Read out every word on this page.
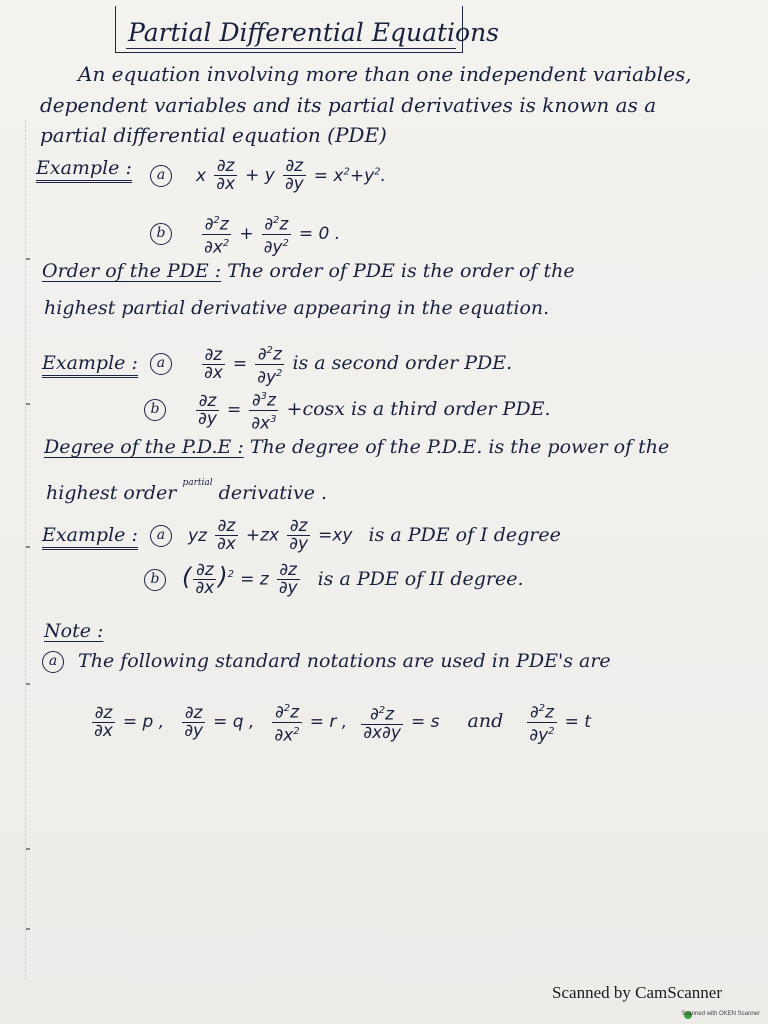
Partial Differential Equations
An equation involving more than one independent variables,
dependent variables and its partial derivatives is known as a
partial differential equation (PDE)
Example :	a x $\frac{\partial z}{\partial x} + y \frac{\partial z}{\partial y} = x^2+y^2$.
b $\frac{\partial^2z}{\partial x^2} + \frac{\partial^2z}{\partial y^2} = 0$ .
Order of the PDE : The order of PDE is the order of the
highest partial derivative appearing in the equation.
Example : a $\frac{\partial z}{\partial x} = \frac{\partial^2z}{\partial y^2}$ is a second order PDE.
b $\frac{\partial z}{\partial y} = \frac{\partial^3z}{\partial x^3} +\cos x$ is a third order PDE.
Degree of the P.D.E : The degree of the P.D.E. is the power of the
highest order $^{partial}$ derivative .
Example : a yz $\frac{\partial z}{\partial x} +zx \frac{\partial z}{\partial y} =xy$ is a PDE of I degree
b ( $\frac{\partial z}{\partial x} )^2 = z \frac{\partial z}{\partial y}$ is a PDE of II degree.
Note :
a The following standard notations are used in PDE's are
$\frac{\partial z}{\partial x} = p$ , $\frac{\partial z}{\partial y} = q$ , $\frac{\partial^2z}{\partial x^2} = r$ , $\frac{\partial^2z}{\partial x\partial y} = s$ and $\frac{\partial^2z}{\partial y^2} = t$
Scanned by CamScanner
Scanned with OKEN Scanner
